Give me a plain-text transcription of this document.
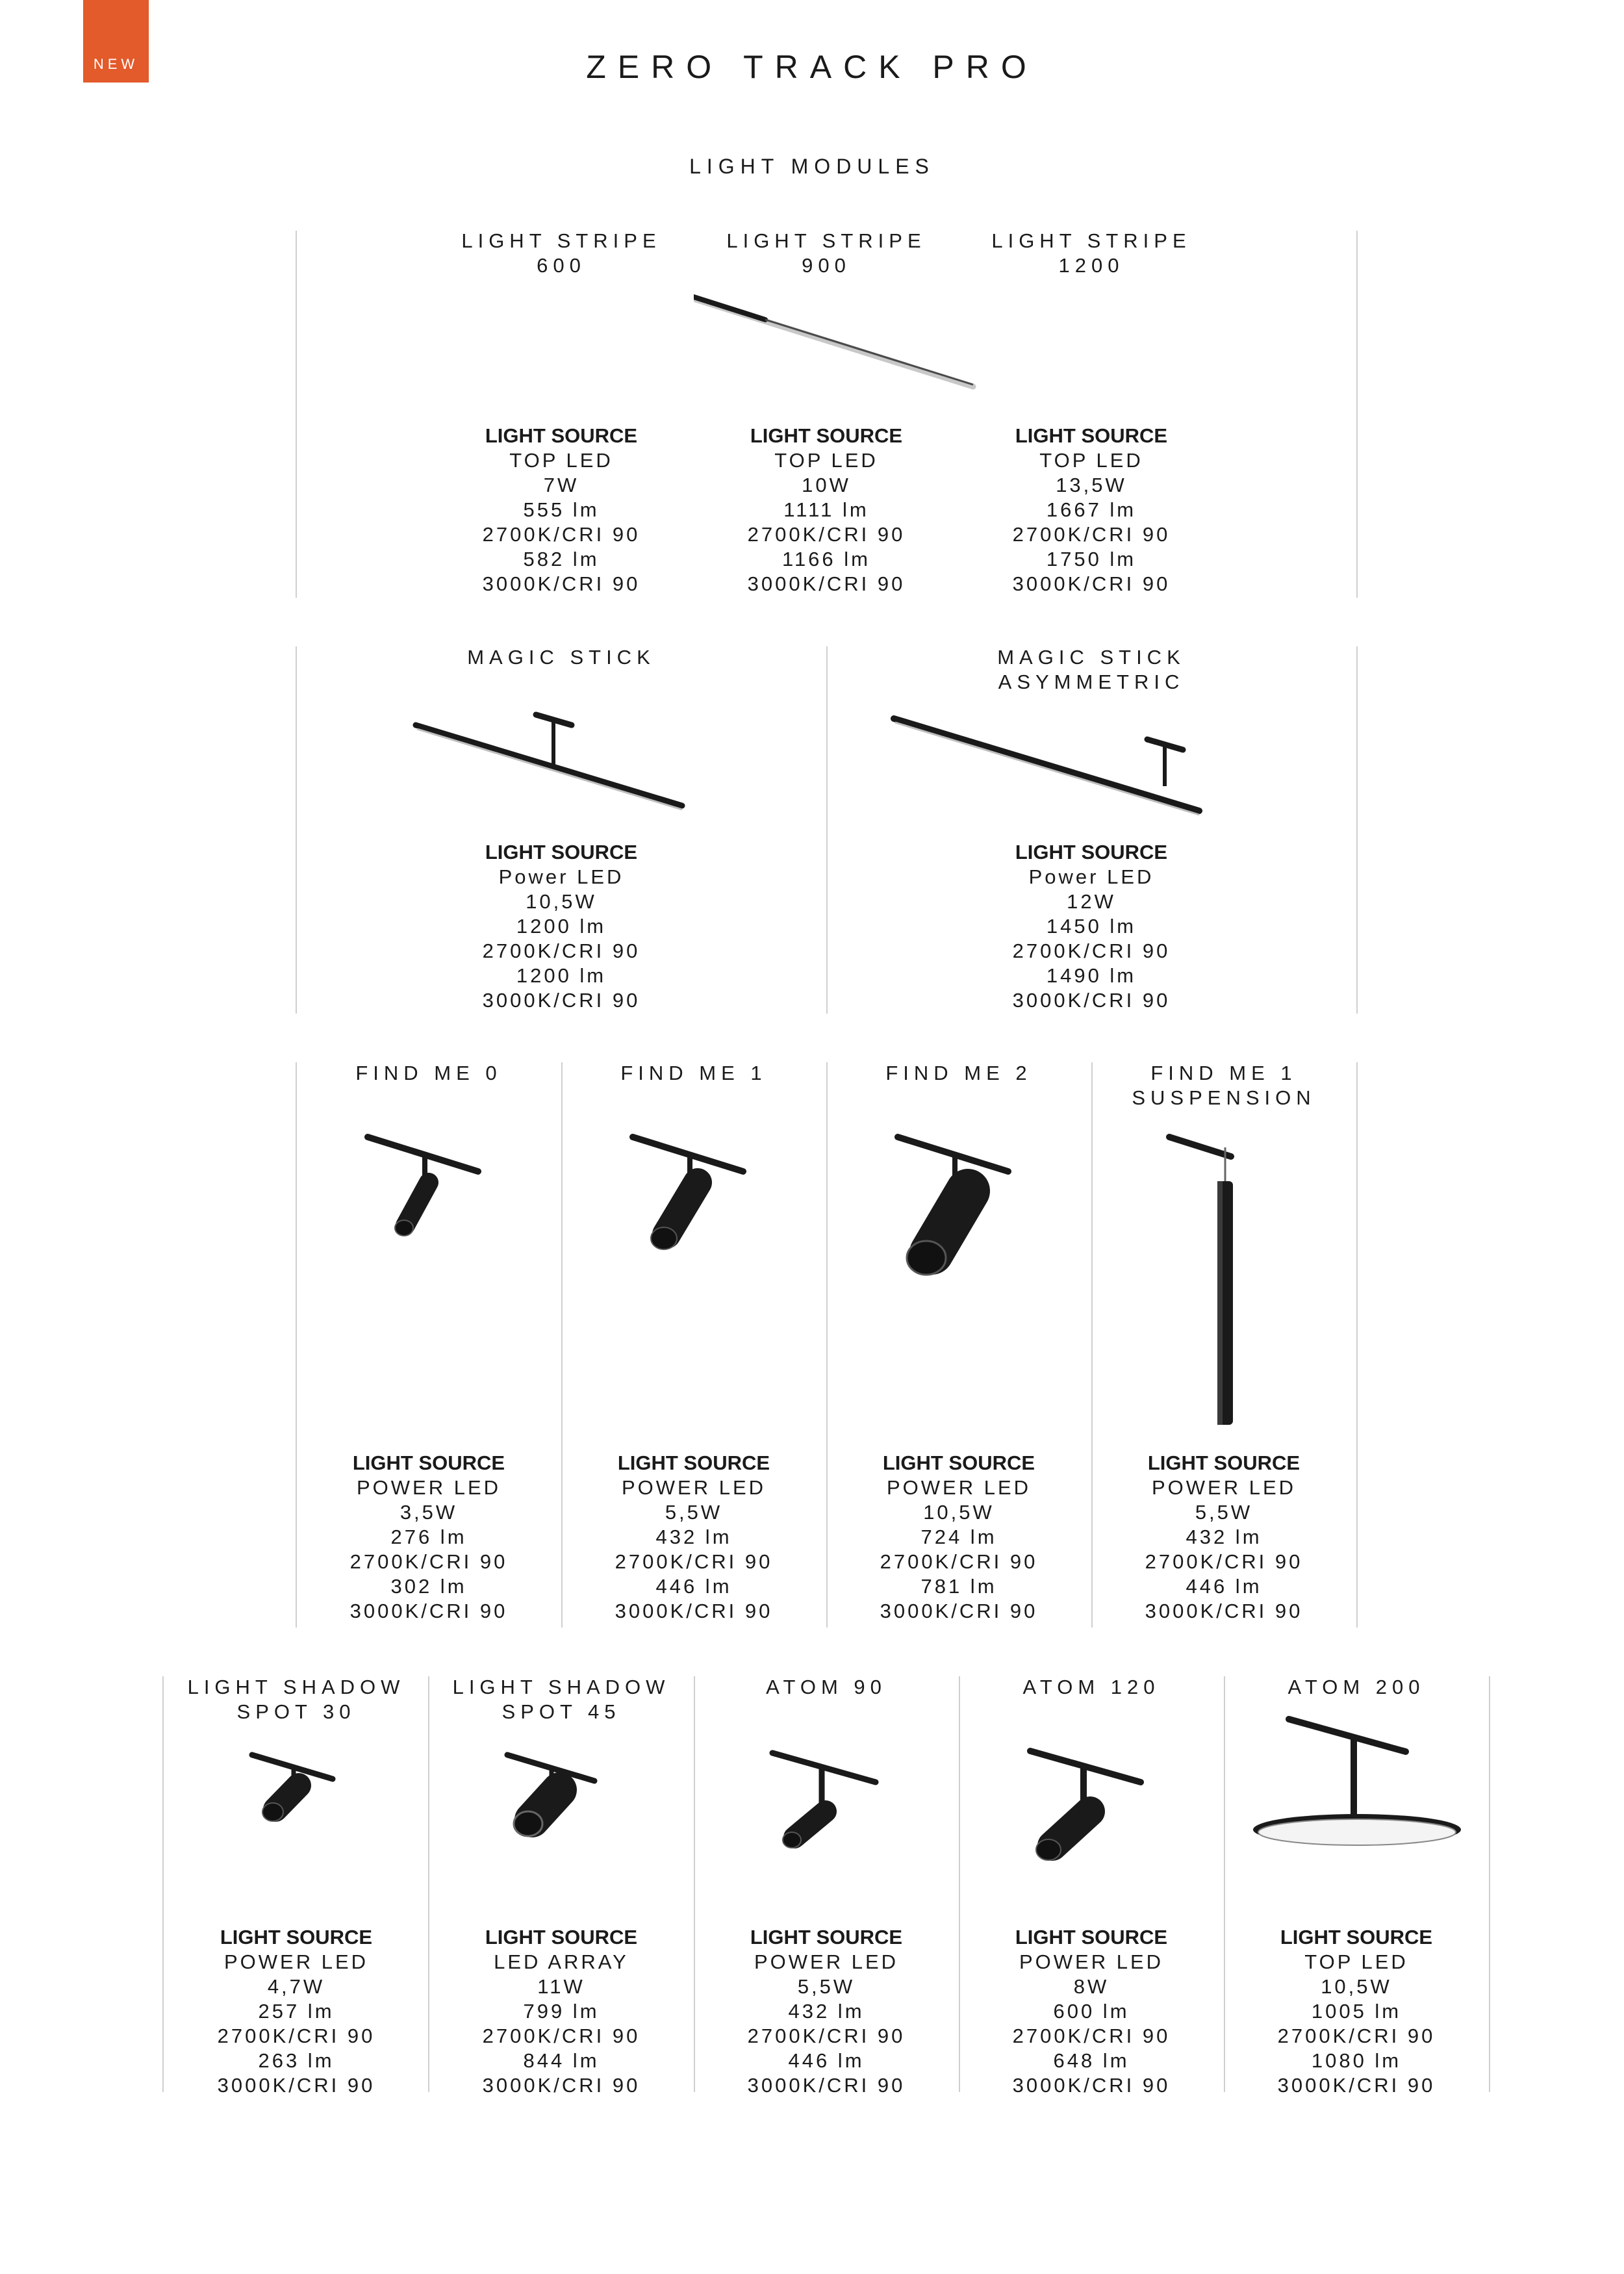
NEW	ZERO TRACK PRO
LIGHT MODULES
LIGHT STRIPE
600
LIGHT SOURCE
TOP LED
7W
555 lm
2700K/CRI 90
582 lm
3000K/CRI 90
LIGHT STRIPE
900
LIGHT SOURCE
TOP LED
10W
1111 lm
2700K/CRI 90
1166 lm
3000K/CRI 90
LIGHT STRIPE
1200
LIGHT SOURCE
TOP LED
13,5W
1667 lm
2700K/CRI 90
1750 lm
3000K/CRI 90
MAGIC STICK
LIGHT SOURCE
Power LED
10,5W
1200 lm
2700K/CRI 90
1200 lm
3000K/CRI 90
MAGIC STICK
ASYMMETRIC
LIGHT SOURCE
Power LED
12W
1450 lm
2700K/CRI 90
1490 lm
3000K/CRI 90
FIND ME 0
LIGHT SOURCE
POWER LED
3,5W
276 lm
2700K/CRI 90
302 lm
3000K/CRI 90
FIND ME 1
LIGHT SOURCE
POWER LED
5,5W
432 lm
2700K/CRI 90
446 lm
3000K/CRI 90
FIND ME 2
LIGHT SOURCE
POWER LED
10,5W
724 lm
2700K/CRI 90
781 lm
3000K/CRI 90
FIND ME 1
SUSPENSION
LIGHT SOURCE
POWER LED
5,5W
432 lm
2700K/CRI 90
446 lm
3000K/CRI 90
LIGHT SHADOW
SPOT 30
LIGHT SOURCE
POWER LED
4,7W
257 lm
2700K/CRI 90
263 lm
3000K/CRI 90
LIGHT SHADOW
SPOT 45
LIGHT SOURCE
LED ARRAY
11W
799 lm
2700K/CRI 90
844 lm
3000K/CRI 90
ATOM 90
LIGHT SOURCE
POWER LED
5,5W
432 lm
2700K/CRI 90
446 lm
3000K/CRI 90
ATOM 120
LIGHT SOURCE
POWER LED
8W
600 lm
2700K/CRI 90
648 lm
3000K/CRI 90
ATOM 200
LIGHT SOURCE
TOP LED
10,5W
1005 lm
2700K/CRI 90
1080 lm
3000K/CRI 90
